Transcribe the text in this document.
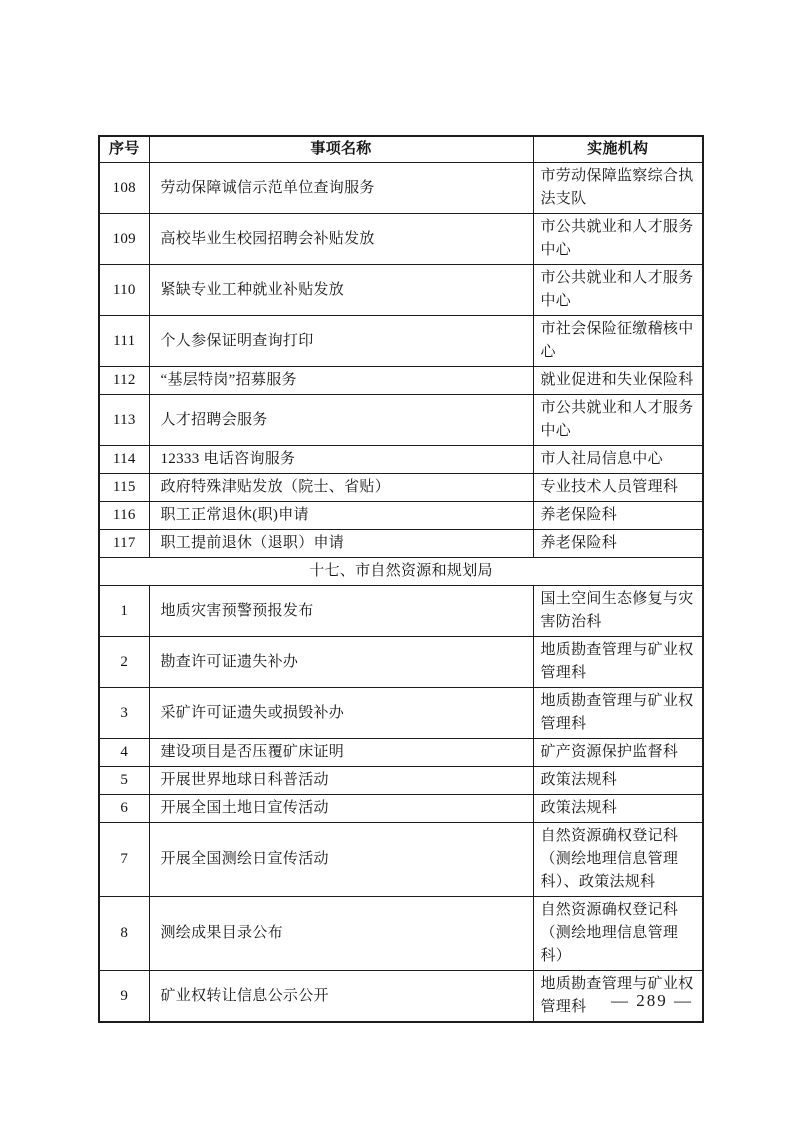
序号	事项名称	实施机构
108	劳动保障诚信示范单位查询服务	市劳动保障监察综合执法支队
109	高校毕业生校园招聘会补贴发放	市公共就业和人才服务中心
110	紧缺专业工种就业补贴发放	市公共就业和人才服务中心
111	个人参保证明查询打印	市社会保险征缴稽核中心
112	“基层特岗”招募服务	就业促进和失业保险科
113	人才招聘会服务	市公共就业和人才服务中心
114	12333 电话咨询服务	市人社局信息中心
115	政府特殊津贴发放（院士、省贴）	专业技术人员管理科
116	职工正常退休(职)申请	养老保险科
117	职工提前退休（退职）申请	养老保险科
十七、市自然资源和规划局		
1	地质灾害预警预报发布	国土空间生态修复与灾害防治科
2	勘查许可证遗失补办	地质勘查管理与矿业权管理科
3	采矿许可证遗失或损毁补办	地质勘查管理与矿业权管理科
4	建设项目是否压覆矿床证明	矿产资源保护监督科
5	开展世界地球日科普活动	政策法规科
6	开展全国土地日宣传活动	政策法规科
7	开展全国测绘日宣传活动	自然资源确权登记科（测绘地理信息管理科）、政策法规科
8	测绘成果目录公布	自然资源确权登记科（测绘地理信息管理科）
9	矿业权转让信息公示公开	地质勘查管理与矿业权管理科	— 289 —
